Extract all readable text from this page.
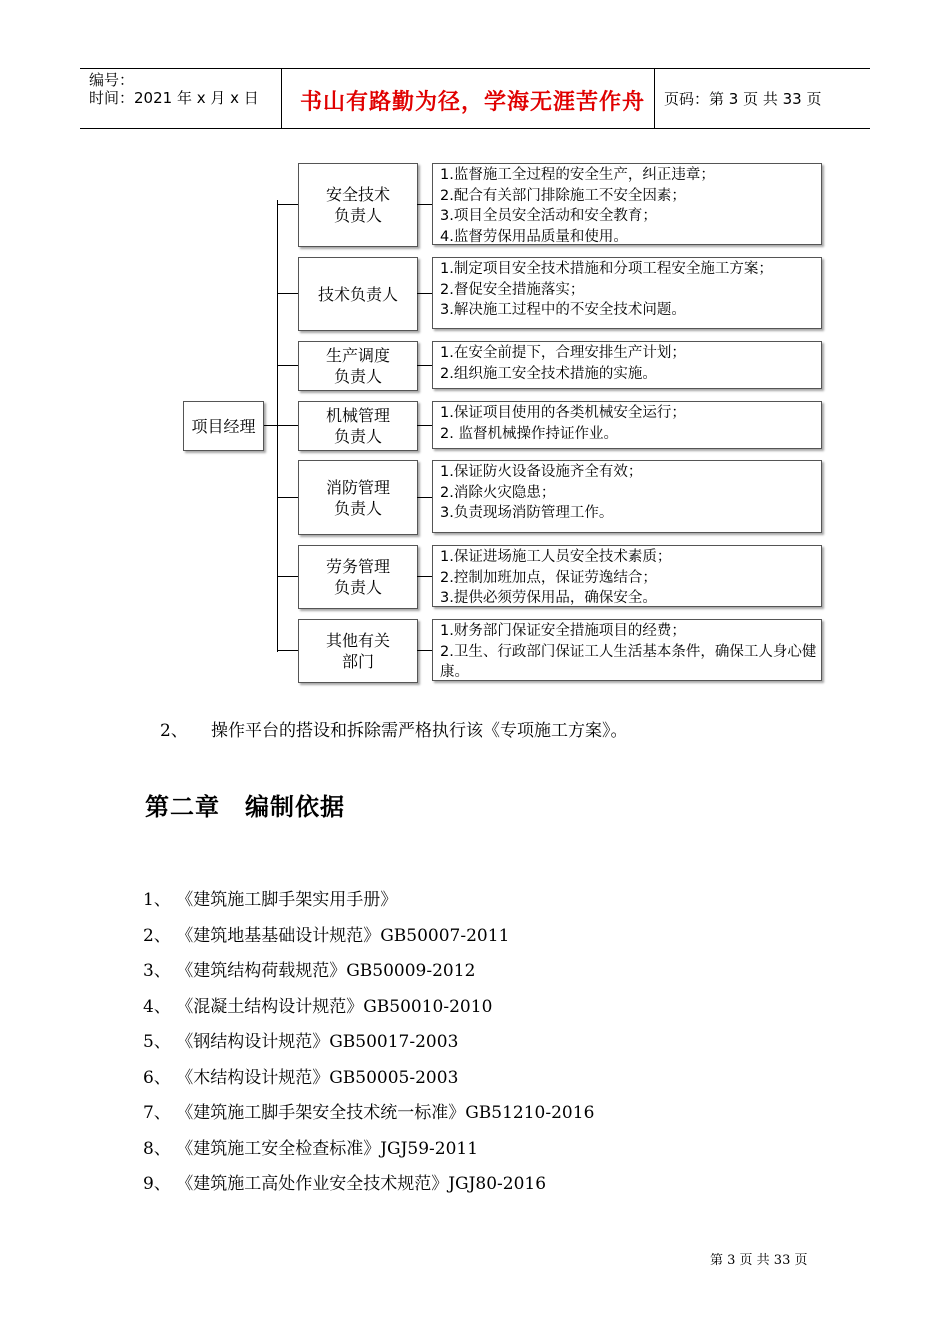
编号：
时间：2021 年 x 月 x 日 书山有路勤为径，学海无涯苦作舟 页码：第 3 页 共 33 页
项目经理
安全技术
负责人
1.监督施工全过程的安全生产，纠正违章；
2.配合有关部门排除施工不安全因素；
3.项目全员安全活动和安全教育；
4.监督劳保用品质量和使用。
技术负责人
1.制定项目安全技术措施和分项工程安全施工方案；
2.督促安全措施落实；
3.解决施工过程中的不安全技术问题。
生产调度
负责人
1.在安全前提下，合理安排生产计划；
2.组织施工安全技术措施的实施。
机械管理
负责人
1.保证项目使用的各类机械安全运行；
2. 监督机械操作持证作业。
消防管理
负责人
1.保证防火设备设施齐全有效；
2.消除火灾隐患；
3.负责现场消防管理工作。
劳务管理
负责人
1.保证进场施工人员安全技术素质；
2.控制加班加点，保证劳逸结合；
3.提供必须劳保用品，确保安全。
其他有关
部门
1.财务部门保证安全措施项目的经费；
2.卫生、行政部门保证工人生活基本条件，确保工人身心健康。
2、 操作平台的搭设和拆除需严格执行该《专项施工方案》。
第二章　编制依据
1、 《建筑施工脚手架实用手册》
2、 《建筑地基基础设计规范》GB50007-2011
3、 《建筑结构荷载规范》GB50009-2012
4、 《混凝土结构设计规范》GB50010-2010
5、 《钢结构设计规范》GB50017-2003
6、 《木结构设计规范》GB50005-2003
7、 《建筑施工脚手架安全技术统一标准》GB51210-2016
8、 《建筑施工安全检查标准》JGJ59-2011
9、 《建筑施工高处作业安全技术规范》JGJ80-2016
第 3 页 共 33 页
